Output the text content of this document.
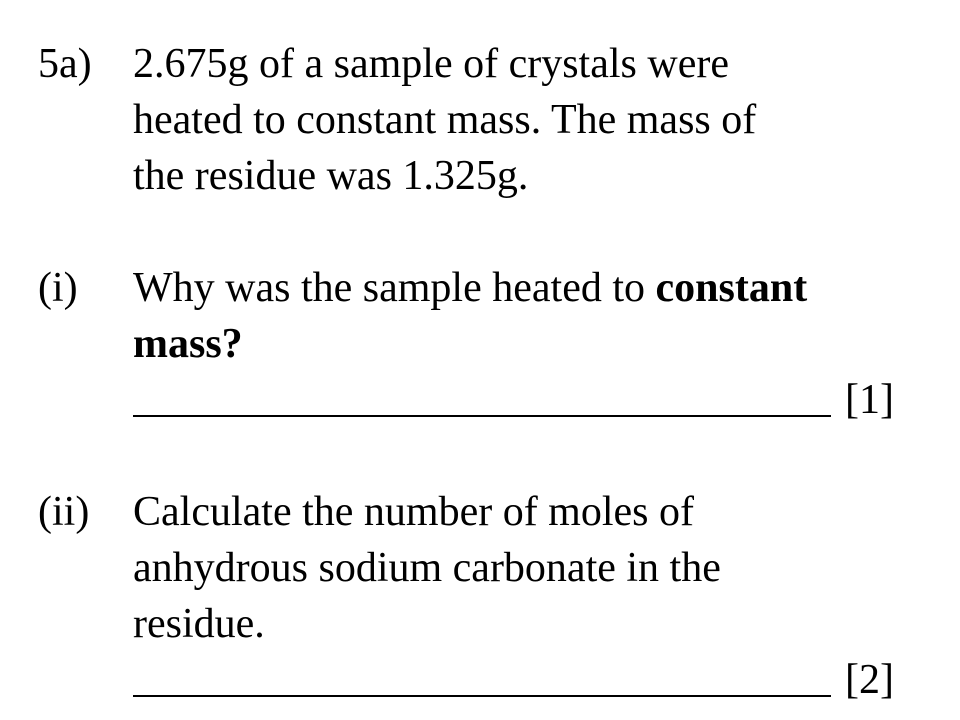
5a) 2.675g of a sample of crystals were
heated to constant mass. The mass of
the residue was 1.325g.
(i) Why was the sample heated to constant
mass?
[1]
(ii) Calculate the number of moles of
anhydrous sodium carbonate in the
residue.
[2]
